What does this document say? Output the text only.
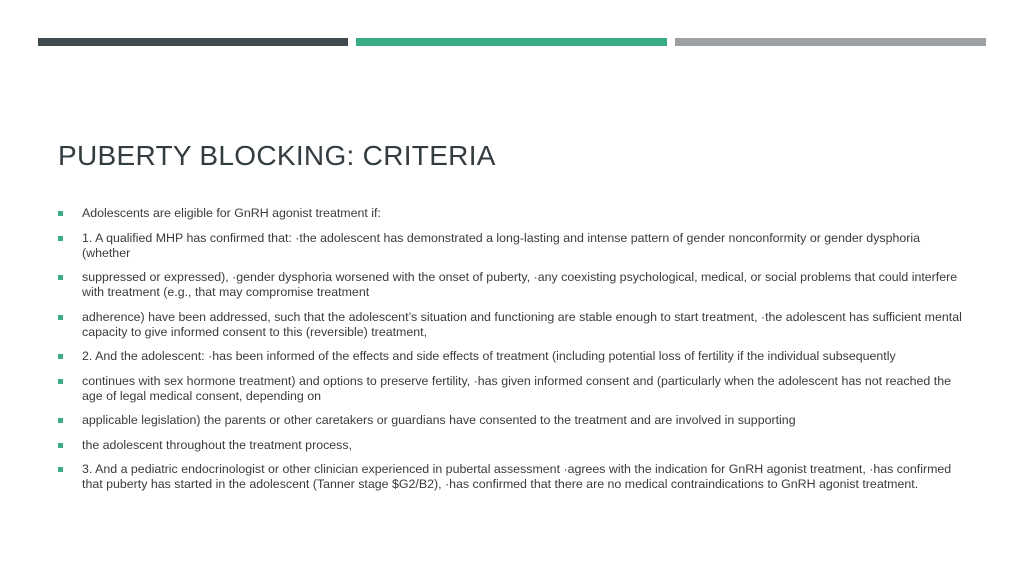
PUBERTY BLOCKING: CRITERIA
Adolescents are eligible for GnRH agonist treatment if:
1. A qualified MHP has confirmed that: ·the adolescent has demonstrated a long-lasting and intense pattern of gender nonconformity or gender dysphoria (whether
suppressed or expressed), ·gender dysphoria worsened with the onset of puberty, ·any coexisting psychological, medical, or social problems that could interfere with treatment (e.g., that may compromise treatment
adherence) have been addressed, such that the adolescent’s situation and functioning are stable enough to start treatment, ·the adolescent has sufficient mental capacity to give informed consent to this (reversible) treatment,
2. And the adolescent: ·has been informed of the effects and side effects of treatment (including potential loss of fertility if the individual subsequently
continues with sex hormone treatment) and options to preserve fertility, ·has given informed consent and (particularly when the adolescent has not reached the age of legal medical consent, depending on
applicable legislation) the parents or other caretakers or guardians have consented to the treatment and are involved in supporting
the adolescent throughout the treatment process,
3. And a pediatric endocrinologist or other clinician experienced in pubertal assessment ·agrees with the indication for GnRH agonist treatment, ·has confirmed that puberty has started in the adolescent (Tanner stage $G2/B2), ·has confirmed that there are no medical contraindications to GnRH agonist treatment.
